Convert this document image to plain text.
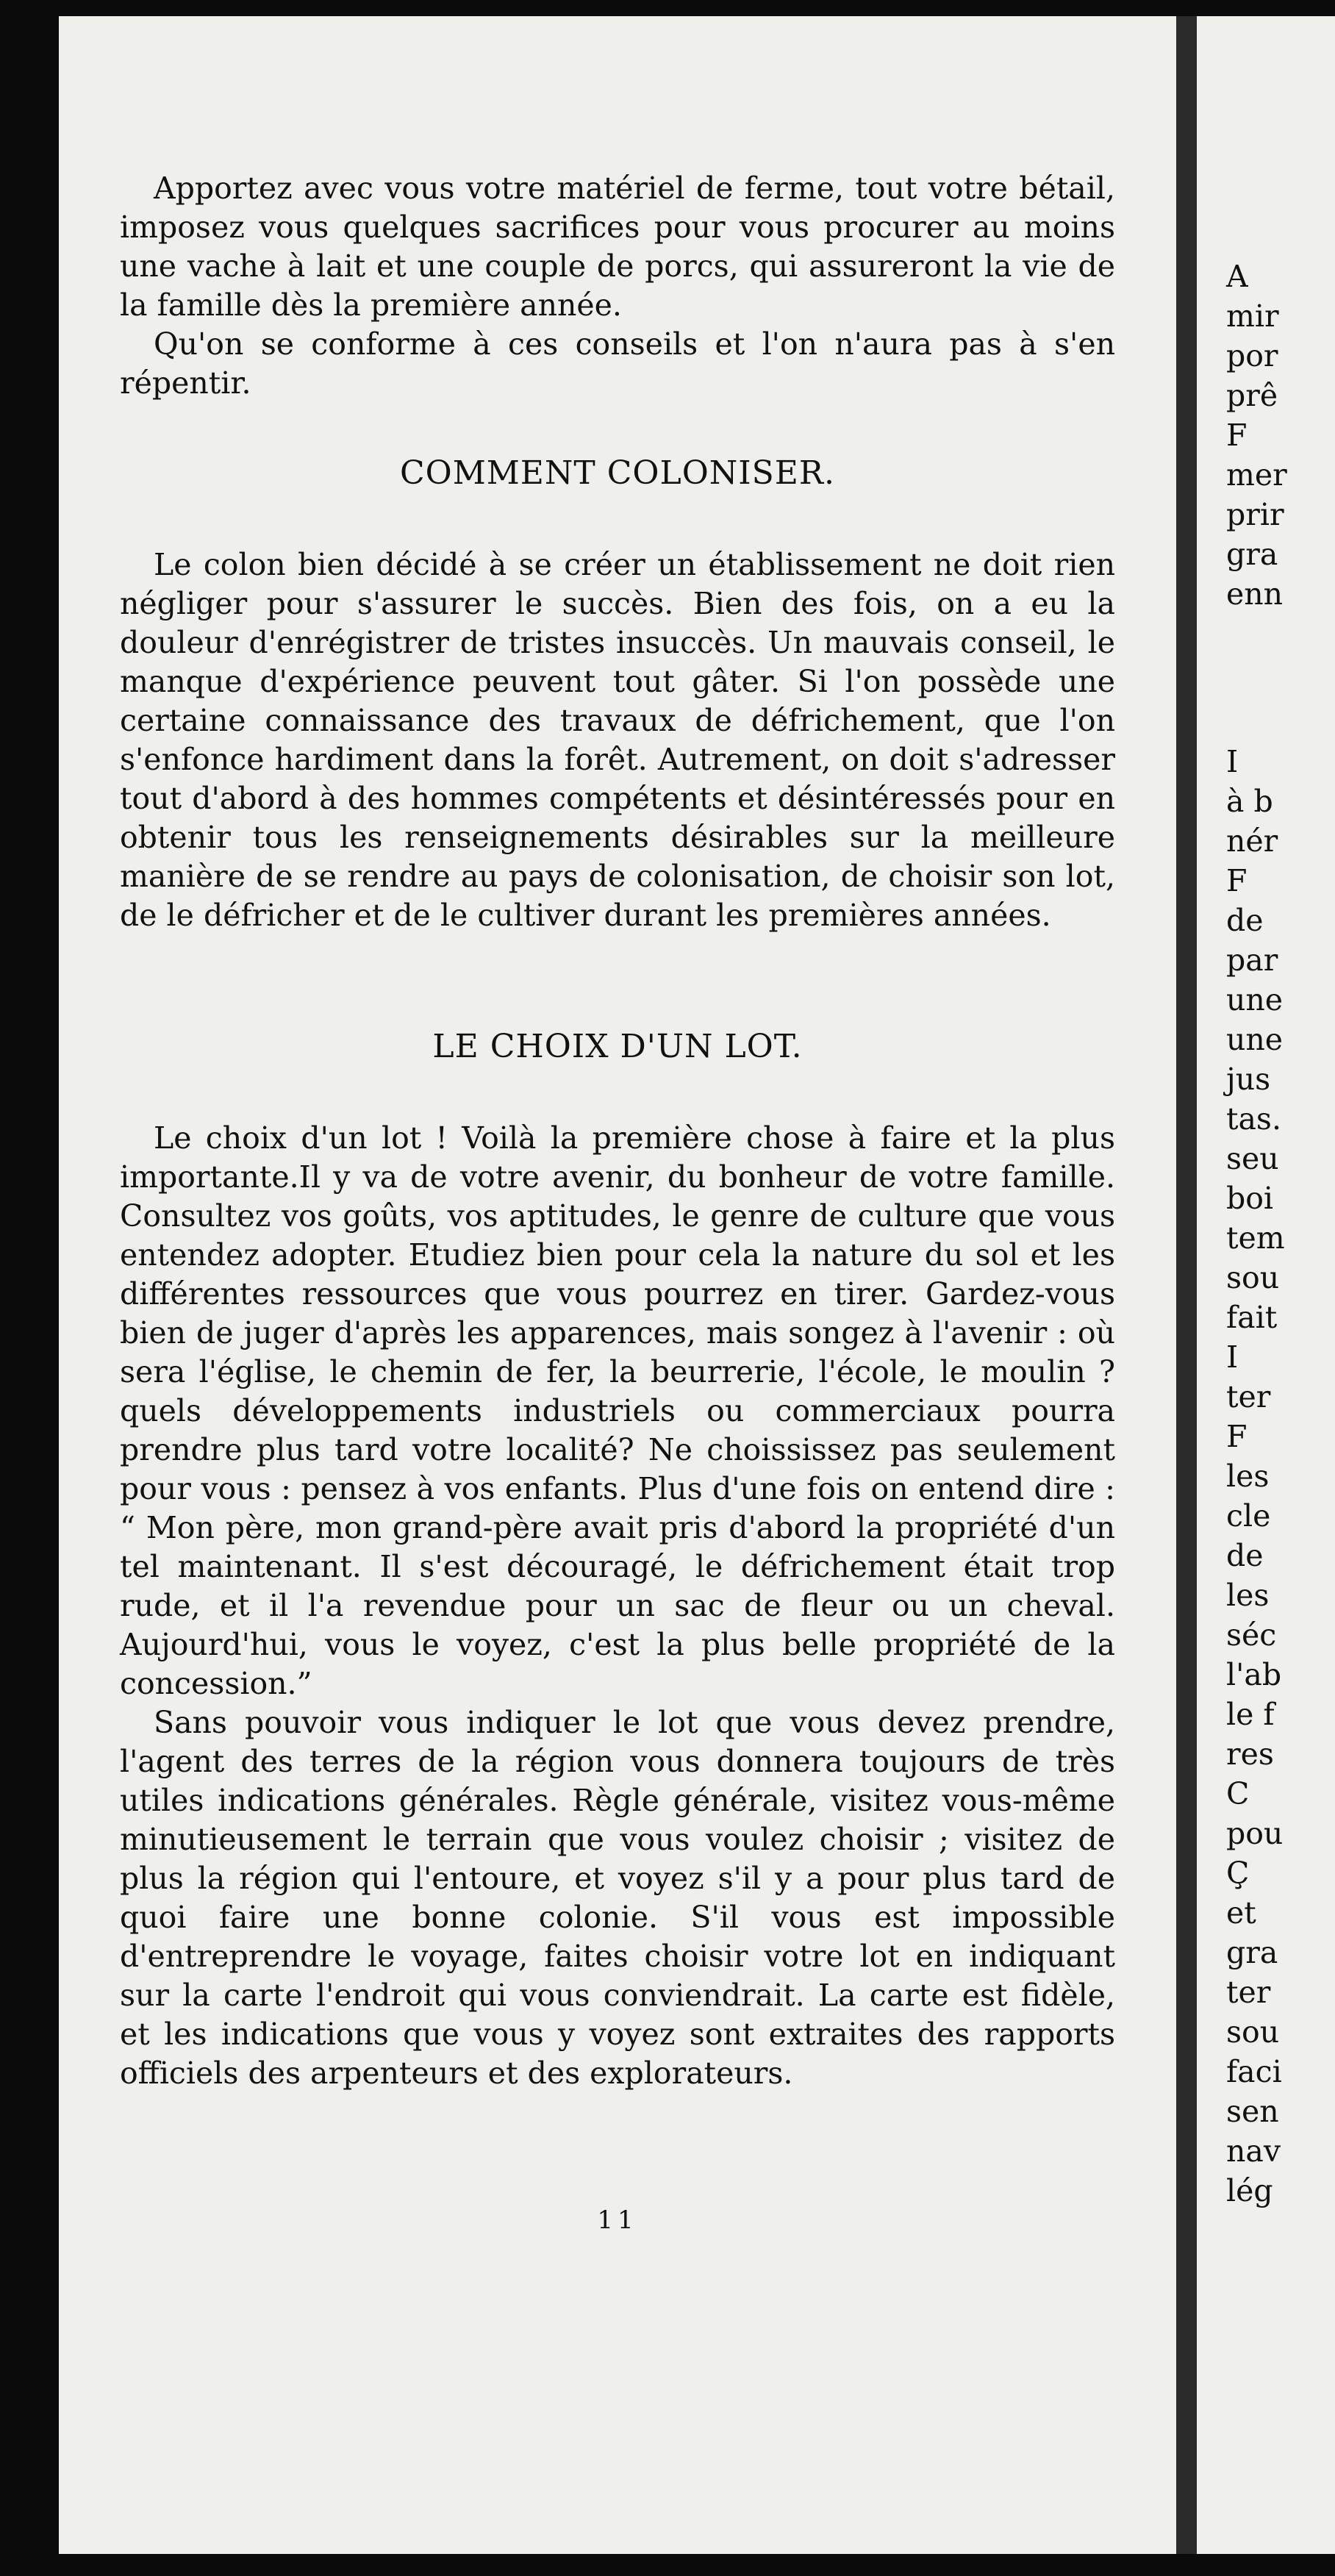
Apportez avec vous votre matériel de ferme, tout votre bétail, imposez vous quelques sacrifices pour vous procurer au moins une vache à lait et une couple de porcs, qui assureront la vie de la famille dès la première année.

Qu'on se conforme à ces conseils et l'on n'aura pas à s'en répentir.

COMMENT COLONISER.

Le colon bien décidé à se créer un établissement ne doit rien négliger pour s'assurer le succès. Bien des fois, on a eu la douleur d'enrégistrer de tristes insuccès. Un mauvais conseil, le manque d'expérience peuvent tout gâter. Si l'on possède une certaine connaissance des travaux de défrichement, que l'on s'enfonce hardiment dans la forêt. Autrement, on doit s'adresser tout d'abord à des hommes compétents et désintéressés pour en obtenir tous les renseignements désirables sur la meilleure manière de se rendre au pays de colonisation, de choisir son lot, de le défricher et de le cultiver durant les premières années.

LE CHOIX D'UN LOT.

Le choix d'un lot ! Voilà la première chose à faire et la plus importante.Il y va de votre avenir, du bonheur de votre famille. Consultez vos goûts, vos aptitudes, le genre de culture que vous entendez adopter. Etudiez bien pour cela la nature du sol et les différentes ressources que vous pourrez en tirer. Gardez-vous bien de juger d'après les apparences, mais songez à l'avenir : où sera l'église, le chemin de fer, la beurrerie, l'école, le moulin ? quels développements industriels ou commerciaux pourra prendre plus tard votre localité? Ne choississez pas seulement pour vous : pensez à vos enfants. Plus d'une fois on entend dire : “ Mon père, mon grand-père avait pris d'abord la propriété d'un tel maintenant. Il s'est découragé, le défrichement était trop rude, et il l'a revendue pour un sac de fleur ou un cheval. Aujourd'hui, vous le voyez, c'est la plus belle propriété de la concession.”

Sans pouvoir vous indiquer le lot que vous devez prendre, l'agent des terres de la région vous donnera toujours de très utiles indications générales. Règle générale, visitez vous-même minutieusement le terrain que vous voulez choisir ; visitez de plus la région qui l'entoure, et voyez s'il y a pour plus tard de quoi faire une bonne colonie. S'il vous est impossible d'entreprendre le voyage, faites choisir votre lot en indiquant sur la carte l'endroit qui vous conviendrait. La carte est fidèle, et les indications que vous y voyez sont extraites des rapports officiels des arpenteurs et des explorateurs.

11
A
mir
por
prê
F
mer
prir
gra
enn
I
à b
nér
F
de
par
une
une
jus
tas.
seu
boi
tem
sou
fait
I
ter
F
les
cle
de
les
séc
l'ab
le f
res
C
pou
Ç
et
gra
ter
sou
faci
sen
nav
lég
